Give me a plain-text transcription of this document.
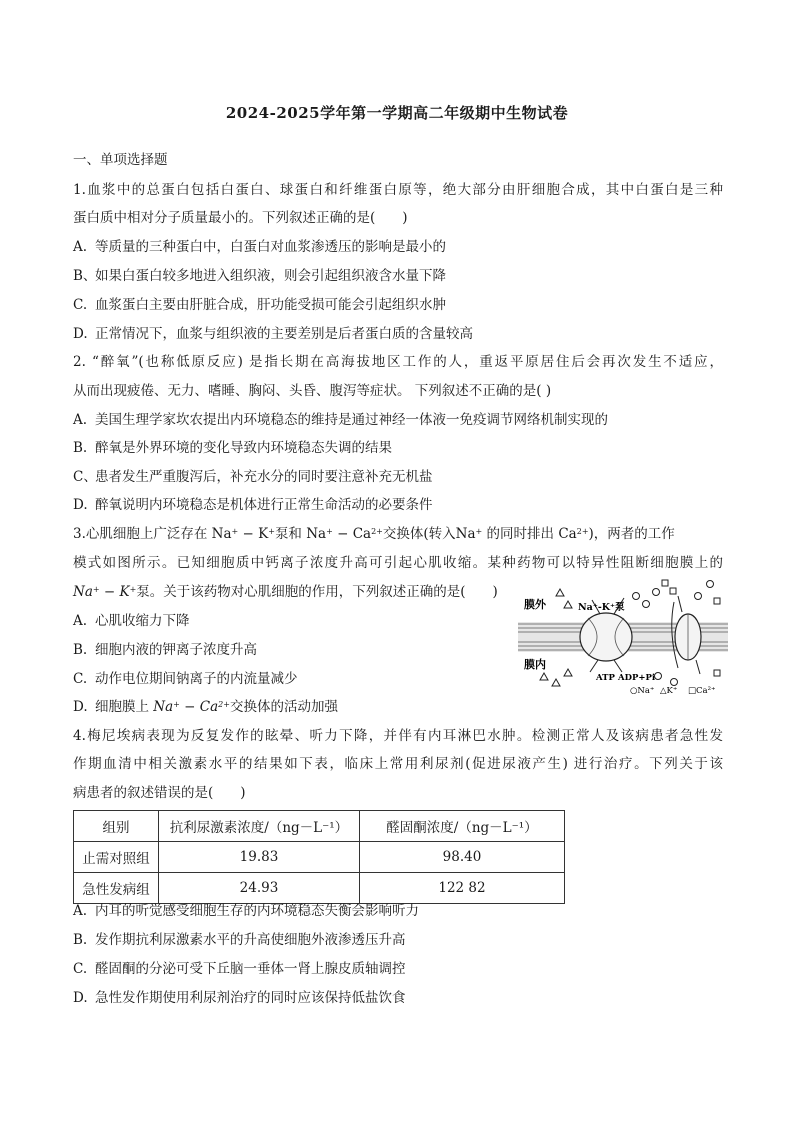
2024-2025学年第一学期高二年级期中生物试卷
一、单项选择题
1.血浆中的总蛋白包括白蛋白、球蛋白和纤维蛋白原等，绝大部分由肝细胞合成，其中白蛋白是三种
蛋白质中相对分子质量最小的。下列叙述正确的是(　　)
A. 等质量的三种蛋白中，白蛋白对血浆渗透压的影响是最小的
B、如果白蛋白较多地进入组织液，则会引起组织液含水量下降
C. 血浆蛋白主要由肝脏合成，肝功能受损可能会引起组织水肿
D. 正常情况下，血浆与组织液的主要差别是后者蛋白质的含量较高
2. “醉氧”(也称低原反应) 是指长期在高海拔地区工作的人，重返平原居住后会再次发生不适应，
从而出现疲倦、无力、嗜睡、胸闷、头昏、腹泻等症状。 下列叙述不正确的是( )
A. 美国生理学家坎农提出内环境稳态的维持是通过神经一体液一免疫调节网络机制实现的
B. 醉氧是外界环境的变化导致内环境稳态失调的结果
C、患者发生严重腹泻后，补充水分的同时要注意补充无机盐
D. 醉氧说明内环境稳态是机体进行正常生命活动的必要条件
3.心肌细胞上广泛存在 Na+ − K+泵和 $Na^+ - Ca^{2+}$交换体(转入Na+ 的同时排出 $Ca^{2+}$)，两者的工作
模式如图所示。已知细胞质中钙离子浓度升高可引起心肌收缩。某种药物可以特异性阻断细胞膜上的
Na+ − K+泵。关于该药物对心肌细胞的作用，下列叙述正确的是(　　)
A. 心肌收缩力下降
B. 细胞内液的钾离子浓度升高
C. 动作电位期间钠离子的内流量减少
D. 细胞膜上 $Na^+ - Ca^{2+}$交换体的活动加强
膜外
膜内
Na⁺-K⁺泵
ATP ADP+Pi
○Na⁺ △K⁺ □Ca²⁺
4.梅尼埃病表现为反复发作的眩晕、听力下降，并伴有内耳淋巴水肿。检测正常人及该病患者急性发
作期血清中相关激素水平的结果如下表，临床上常用利尿剂(促进尿液产生) 进行治疗。下列关于该
病患者的叙述错误的是(　　)
组别	抗利尿激素浓度/（ng－L⁻¹）	醛固酮浓度/（ng－L⁻¹）
止需对照组	19.83	98.40
急性发病组	24.93	122 82
A. 内耳的听觉感受细胞生存的内环境稳态失衡会影响听力
B. 发作期抗利尿激素水平的升高使细胞外液渗透压升高
C. 醛固酮的分泌可受下丘脑一垂体一肾上腺皮质轴调控
D. 急性发作期使用利尿剂治疗的同时应该保持低盐饮食
